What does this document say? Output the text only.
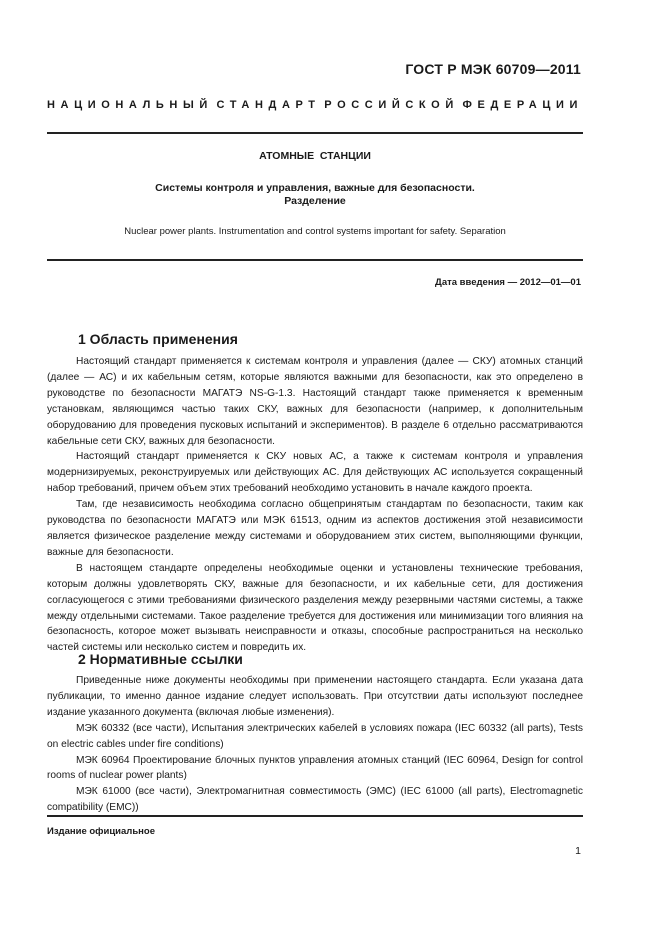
ГОСТ Р МЭК 60709—2011
НАЦИОНАЛЬНЫЙ СТАНДАРТ РОССИЙСКОЙ ФЕДЕРАЦИИ
АТОМНЫЕ  СТАНЦИИ
Системы контроля и управления, важные для безопасности.
Разделение
Nuclear power plants. Instrumentation and control systems important for safety. Separation
Дата введения — 2012—01—01
1 Область применения

Настоящий стандарт применяется к системам контроля и управления (далее — СКУ) атомных станций (далее — АС) и их кабельным сетям, которые являются важными для безопасности, как это определено в руководстве по безопасности МАГАТЭ NS-G-1.3. Настоящий стандарт также применяется к временным установкам, являющимся частью таких СКУ, важных для безопасности (например, к дополнительным оборудованию для проведения пусковых испытаний и экспериментов). В разделе 6 отдельно рассматриваются кабельные сети СКУ, важных для безопасности.

Настоящий стандарт применяется к СКУ новых АС, а также к системам контроля и управления модернизируемых, реконструируемых или действующих АС. Для действующих АС используется сокращенный набор требований, причем объем этих требований необходимо установить в начале каждого проекта.

Там, где независимость необходима согласно общепринятым стандартам по безопасности, таким как руководства по безопасности МАГАТЭ или МЭК 61513, одним из аспектов достижения этой независимости является физическое разделение между системами и оборудованием этих систем, выполняющими функции, важные для безопасности.

В настоящем стандарте определены необходимые оценки и установлены технические требования, которым должны удовлетворять СКУ, важные для безопасности, и их кабельные сети, для достижения согласующегося с этими требованиями физического разделения между резервными частями системы, а также между отдельными системами. Такое разделение требуется для достижения или минимизации того влияния на безопасность, которое может вызывать неисправности и отказы, способные распространиться на несколько частей системы или несколько систем и повредить их.

2 Нормативные ссылки

Приведенные ниже документы необходимы при применении настоящего стандарта. Если указана дата публикации, то именно данное издание следует использовать. При отсутствии даты используют последнее издание указанного документа (включая любые изменения).

МЭК 60332 (все части), Испытания электрических кабелей в условиях пожара (IEC 60332 (all parts), Tests on electric cables under fire conditions)

МЭК 60964 Проектирование блочных пунктов управления атомных станций (IEC 60964, Design for control rooms of nuclear power plants)

МЭК 61000 (все части), Электромагнитная совместимость (ЭМС) (IEC 61000 (all parts), Electromagnetic compatibility (EMC))

Издание официальное
1
